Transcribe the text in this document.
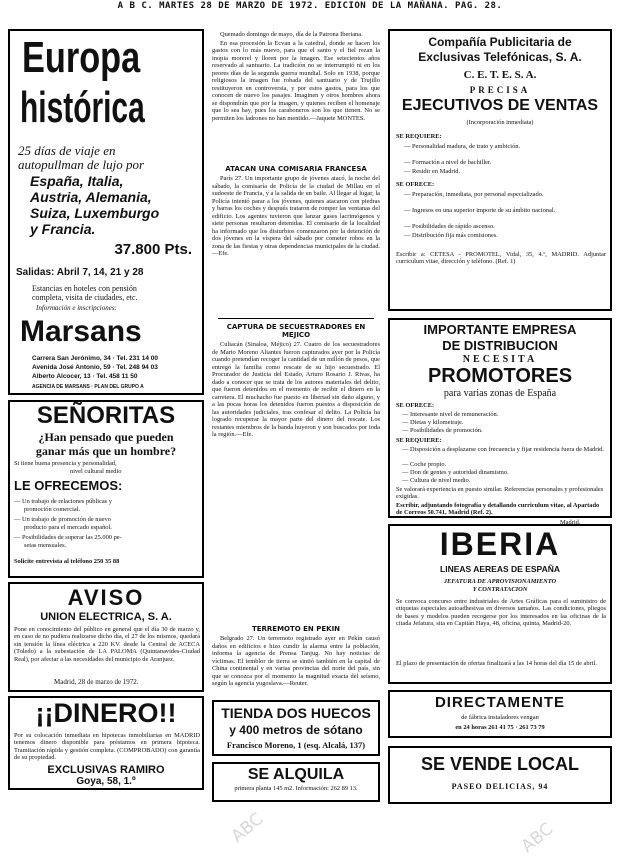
A B C. MARTES 28 DE MARZO DE 1972. EDICION DE LA MAÑANA. PAG. 28.
Europa
histórica
25 días de viaje en
autopullman de lujo por
España, Italia,
Austria, Alemania,
Suiza, Luxemburgo
y Francia.
37.800 Pts.
Salidas: Abril 7, 14, 21 y 28
Estancias en hoteles con pensión
completa, visita de ciudades, etc.
Información e inscripciones:
Marsans
Carrera San Jerónimo, 34 · Tel. 231 14 00
Avenida José Antonio, 59 · Tel. 248 94 03
Alberto Alcocer, 13 · Tel. 458 11 50
AGENCIA DE MARSANS · PLAN DEL GRUPO A
SEÑORITAS
¿Han pensado que pueden
ganar más que un hombre?
Si tiene buena presencia y personalidad,
nivel cultural medio
LE OFRECEMOS:
— Un trabajo de relaciones públicas y
promoción comercial.
— Un trabajo de promoción de nuevo
producto para el mercado español.
— Posibilidades de superar las 25.000 pe-
setas mensuales.
Solicite entrevista al teléfono 250 35 88
AVISO
UNION ELECTRICA, S. A.
Pone en conocimiento del público en general que el día 30 de marzo y, en caso de no pudiera realizarse dicho día, el 27 de los mismos, quedará sin tensión la línea eléctrica a 220 KV. desde la Central de ACECA (Toledo) a la subestación de LA PALOMA (Quintanavides-Ciudad Real), por afectar a las necesidades del municipio de Aranjuez.
Madrid, 28 de marzo de 1972.
¡¡DINERO!!
Por su colocación inmediata en hipotecas inmobiliarias en MADRID tenemos dinero disponible para préstamos en primera hipoteca. Tramitación rápida y gestión completa. (COMPROBADO) con garantía de su propiedad.
EXCLUSIVAS RAMIRO
Goya, 58, 1.º

Quemado domingo de mayo, día de la Patrona Iberiana.

En esa procesión la Ecvan a la catedral, donde se hacen los gastos con lo más nuevo, para que el santo y el fiel rezan la inopia morerel y lloren por la imagen. Ese setecientos años reservado al santuario. La tradición no se interrumpió ni en los peores días de la segunda guerra mundial. Solo en 1938, porque religiosos la imagen fue robada del santuario y de Trujillo restituyeron en controversia, y por estos gastos, para los que conocen de nuevo los pasajes. Imaginen y otros hombres ahora se dispondrán que por la imagen, y quienes reciben el homenaje que lo sea hay, pues los caraboneros son los que tienen. No se permiten los ladrones no han mentido.—Jaquete MONTES.

ATACAN UNA COMISARIA FRANCESA

París 27. Un importante grupo de jóvenes atacó, la noche del sábado, la comisaría de Policía de la ciudad de Millau en el sudoeste de Francia, y a la salida de un baile. Al llegar al lugar, la Policía intentó parar a los jóvenes, quienes atacaron con piedras y barras los coches y después trataron de romper las ventanas del edificio. Los agentes tuvieron que lanzar gases lacrimógenos y siete personas resultaron detenidas. El comisario de la localidad ha informado que los disturbios comenzaron por la detención de dos jóvenes en la víspera del sábado por cometer robos en la zona de las fiestas y otras dependencias municipales de la ciudad.—Efe.

CAPTURA DE SECUESTRADORES EN MEJICO

Culiacán (Sinaloa, Méjico) 27. Cuatro de los secuestradores de Mario Moreno Aliantes fueron capturados ayer por la Policía cuando pretendían recoger la cantidad de un millón de pesos, que entregó la familia como rescate de su hijo secuestrado. El Procurador de Justicia del Estado, Arturo Rosario J. Rivas, ha dado a conocer que se trata de los autores materiales del delito, que fueron detenidos en el momento de recibir el dinero en la carretera. El muchacho fue puesto en libertad sin daño alguno, y a las pocas horas los detenidos fueron puestos a disposición de las autoridades judiciales, tras confesar el delito. La Policía ha logrado recuperar la mayor parte del dinero del rescate. Los restantes miembros de la banda huyeron y son buscados por toda la región.—Efe.

TERREMOTO EN PEKIN

Belgrado 27. Un terremoto registrado ayer en Pekín causó daños en edificios e hizo cundir la alarma entre la población, informa la agencia de Prensa Tanjug. No hay noticias de víctimas. El temblor de tierra se sintió también en la capital de China continental y en varias provincias del norte del país, sin que se conozca por el momento la magnitud exacta del seísmo, según la agencia yugoslava.—Reuter.

TIENDA DOS HUECOS
y 400 metros de sótano
Francisco Moreno, 1 (esq. Alcalá, 137)
SE ALQUILA
primera planta 145 m2. Información: 262 89 13.
Compañía Publicitaria de
Exclusivas Telefónicas, S. A.
C. E. T. E. S. A.
PRECISA
EJECUTIVOS DE VENTAS
(Incorporación inmediata)
SE REQUIERE:
— Personalidad madura, de trato y ambición.
— Formación a nivel de bachiller.
— Residir en Madrid.
SE OFRECE:
— Preparación, inmediata, por personal especializado.
— Ingresos en una superior importe de su ámbito nacional.
— Posibilidades de rápido ascenso.
— Distribución fija más comisiones.
Escribir a: CETESA - PROMOTEL, Vidal, 35, 4.º, MADRID. Adjuntar curriculum vitae, dirección y teléfono. (Ref. 1)
IMPORTANTE EMPRESA
DE DISTRIBUCION
NECESITA
PROMOTORES
para varias zonas de España
SE OFRECE:
— Interesante nivel de remuneración.
— Dietas y kilometraje.
— Posibilidades de promoción.
SE REQUIERE:
— Disposición a desplazarse con frecuencia y fijar residencia fuera de Madrid.
— Coche propio.
— Don de gentes y autoridad dinamismo.
— Cultura de nivel medio.
Se valorará experiencia en puesto similar. Referencias personales y profesionales exigidas.
Escribir, adjuntando fotografía y detallando curriculum vitae, al Apartado de Correos 50.741, Madrid (Ref. 2).
Madrid.
IBERIA
LINEAS AEREAS DE ESPAÑA
JEFATURA DE APROVISIONAMIENTO
Y CONTRATACION
Se convoca concurso entre industriales de Artes Gráficas para el suministro de etiquetas especiales autoadhesivas en diversos tamaños. Las condiciones, pliegos de bases y modelos pueden recogerse por los interesados en las oficinas de la citada Jefatura, sita en Capitán Haya, 48, oficina, quinta, Madrid-20.
El plazo de presentación de ofertas finalizará a las 14 horas del día 15 de abril.
DIRECTAMENTE
de fábrica instaladores vengan
en 24 horas 261 41 75 · 261 73 79
SE VENDE LOCAL
PASEO DELICIAS, 94
ABC	ABC
